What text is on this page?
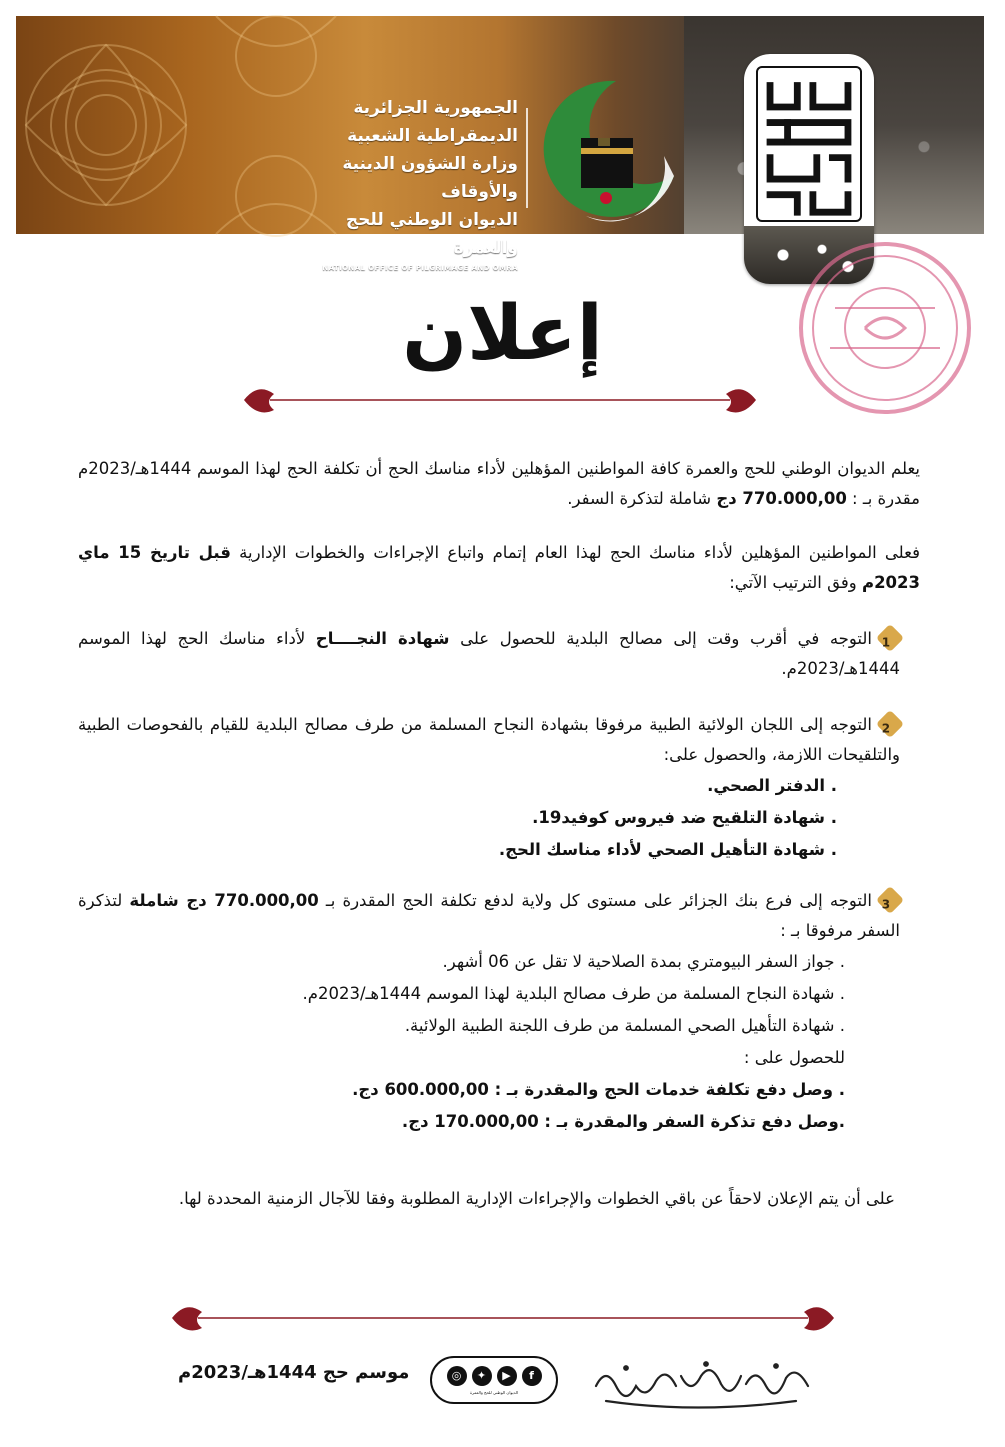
الجمهورية الجزائرية الديمقراطية الشعبية
وزارة الشؤون الدينية والأوقاف
الديوان الوطني للحج والعمرة
NATIONAL OFFICE OF PILGRIMAGE AND OMRA
إعلان
يعلم الديوان الوطني للحج والعمرة كافة المواطنين المؤهلين لأداء مناسك الحج أن تكلفة الحج لهذا الموسم 1444هـ/2023م مقدرة بـ : 770.000,00 دج شاملة لتذكرة السفر.
فعلى المواطنين المؤهلين لأداء مناسك الحج لهذا العام إتمام واتباع الإجراءات والخطوات الإدارية قبل تاريخ 15 ماي 2023م وفق الترتيب الآتي:
1التوجه في أقرب وقت إلى مصالح البلدية للحصول على شهادة النجــــاح لأداء مناسك الحج لهذا الموسم 1444هـ/2023م.
2التوجه إلى اللجان الولائية الطبية مرفوقا بشهادة النجاح المسلمة من طرف مصالح البلدية للقيام بالفحوصات الطبية والتلقيحات اللازمة، والحصول على:
. الدفتر الصحي.
. شهادة التلقيح ضد فيروس كوفيد19.
. شهادة التأهيل الصحي لأداء مناسك الحج.
3التوجه إلى فرع بنك الجزائر على مستوى كل ولاية لدفع تكلفة الحج المقدرة بـ 770.000,00 دج شاملة لتذكرة السفر مرفوقا بـ :
. جواز السفر البيومتري بمدة الصلاحية لا تقل عن 06 أشهر.
. شهادة النجاح المسلمة من طرف مصالح البلدية لهذا الموسم 1444هـ/2023م.
. شهادة التأهيل الصحي المسلمة من طرف اللجنة الطبية الولائية.
للحصول على :
. وصل دفع تكلفة خدمات الحج والمقدرة بـ : 600.000,00 دج.
.وصل دفع تذكرة السفر والمقدرة بـ : 170.000,00 دج.
على أن يتم الإعلان لاحقاً عن باقي الخطوات والإجراءات الإدارية المطلوبة وفقا للآجال الزمنية المحددة لها.
موسم حج 1444هـ/2023م	◎	✦	▶	f
الديوان الوطني للحج والعمرة
